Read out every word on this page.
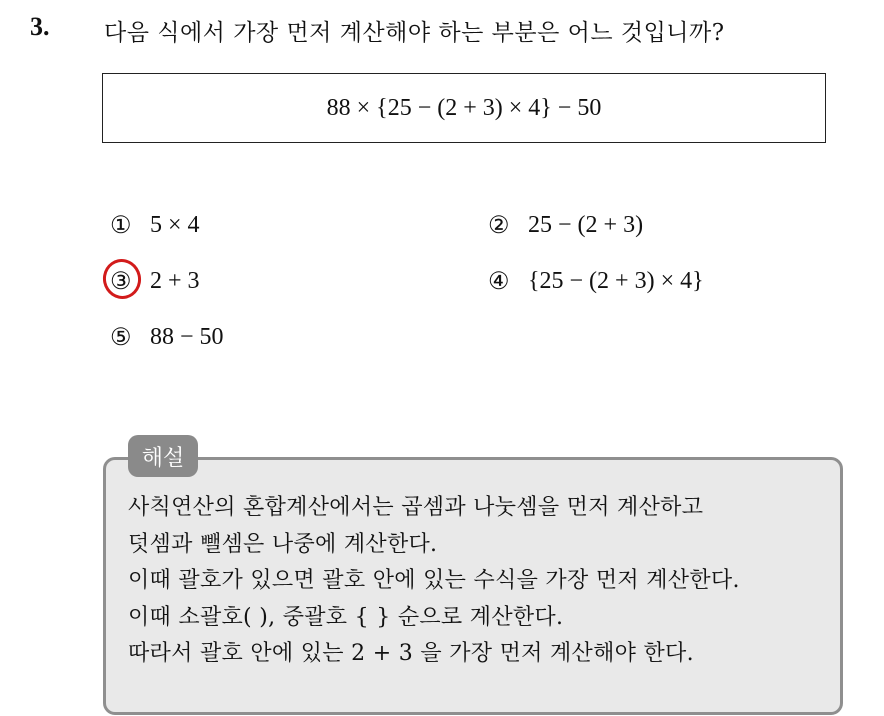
3. 다음 식에서 가장 먼저 계산해야 하는 부분은 어느 것입니까?
88 × {25 − (2 + 3) × 4} − 50
① 5 × 4	② 25 − (2 + 3)
③ 2 + 3	④ {25 − (2 + 3) × 4}
⑤ 88 − 50
해설
사칙연산의 혼합계산에서는 곱셈과 나눗셈을 먼저 계산하고
덧셈과 뺄셈은 나중에 계산한다.
이때 괄호가 있으면 괄호 안에 있는 수식을 가장 먼저 계산한다.
이때 소괄호( ), 중괄호 { } 순으로 계산한다.
따라서 괄호 안에 있는 2 + 3 을 가장 먼저 계산해야 한다.
